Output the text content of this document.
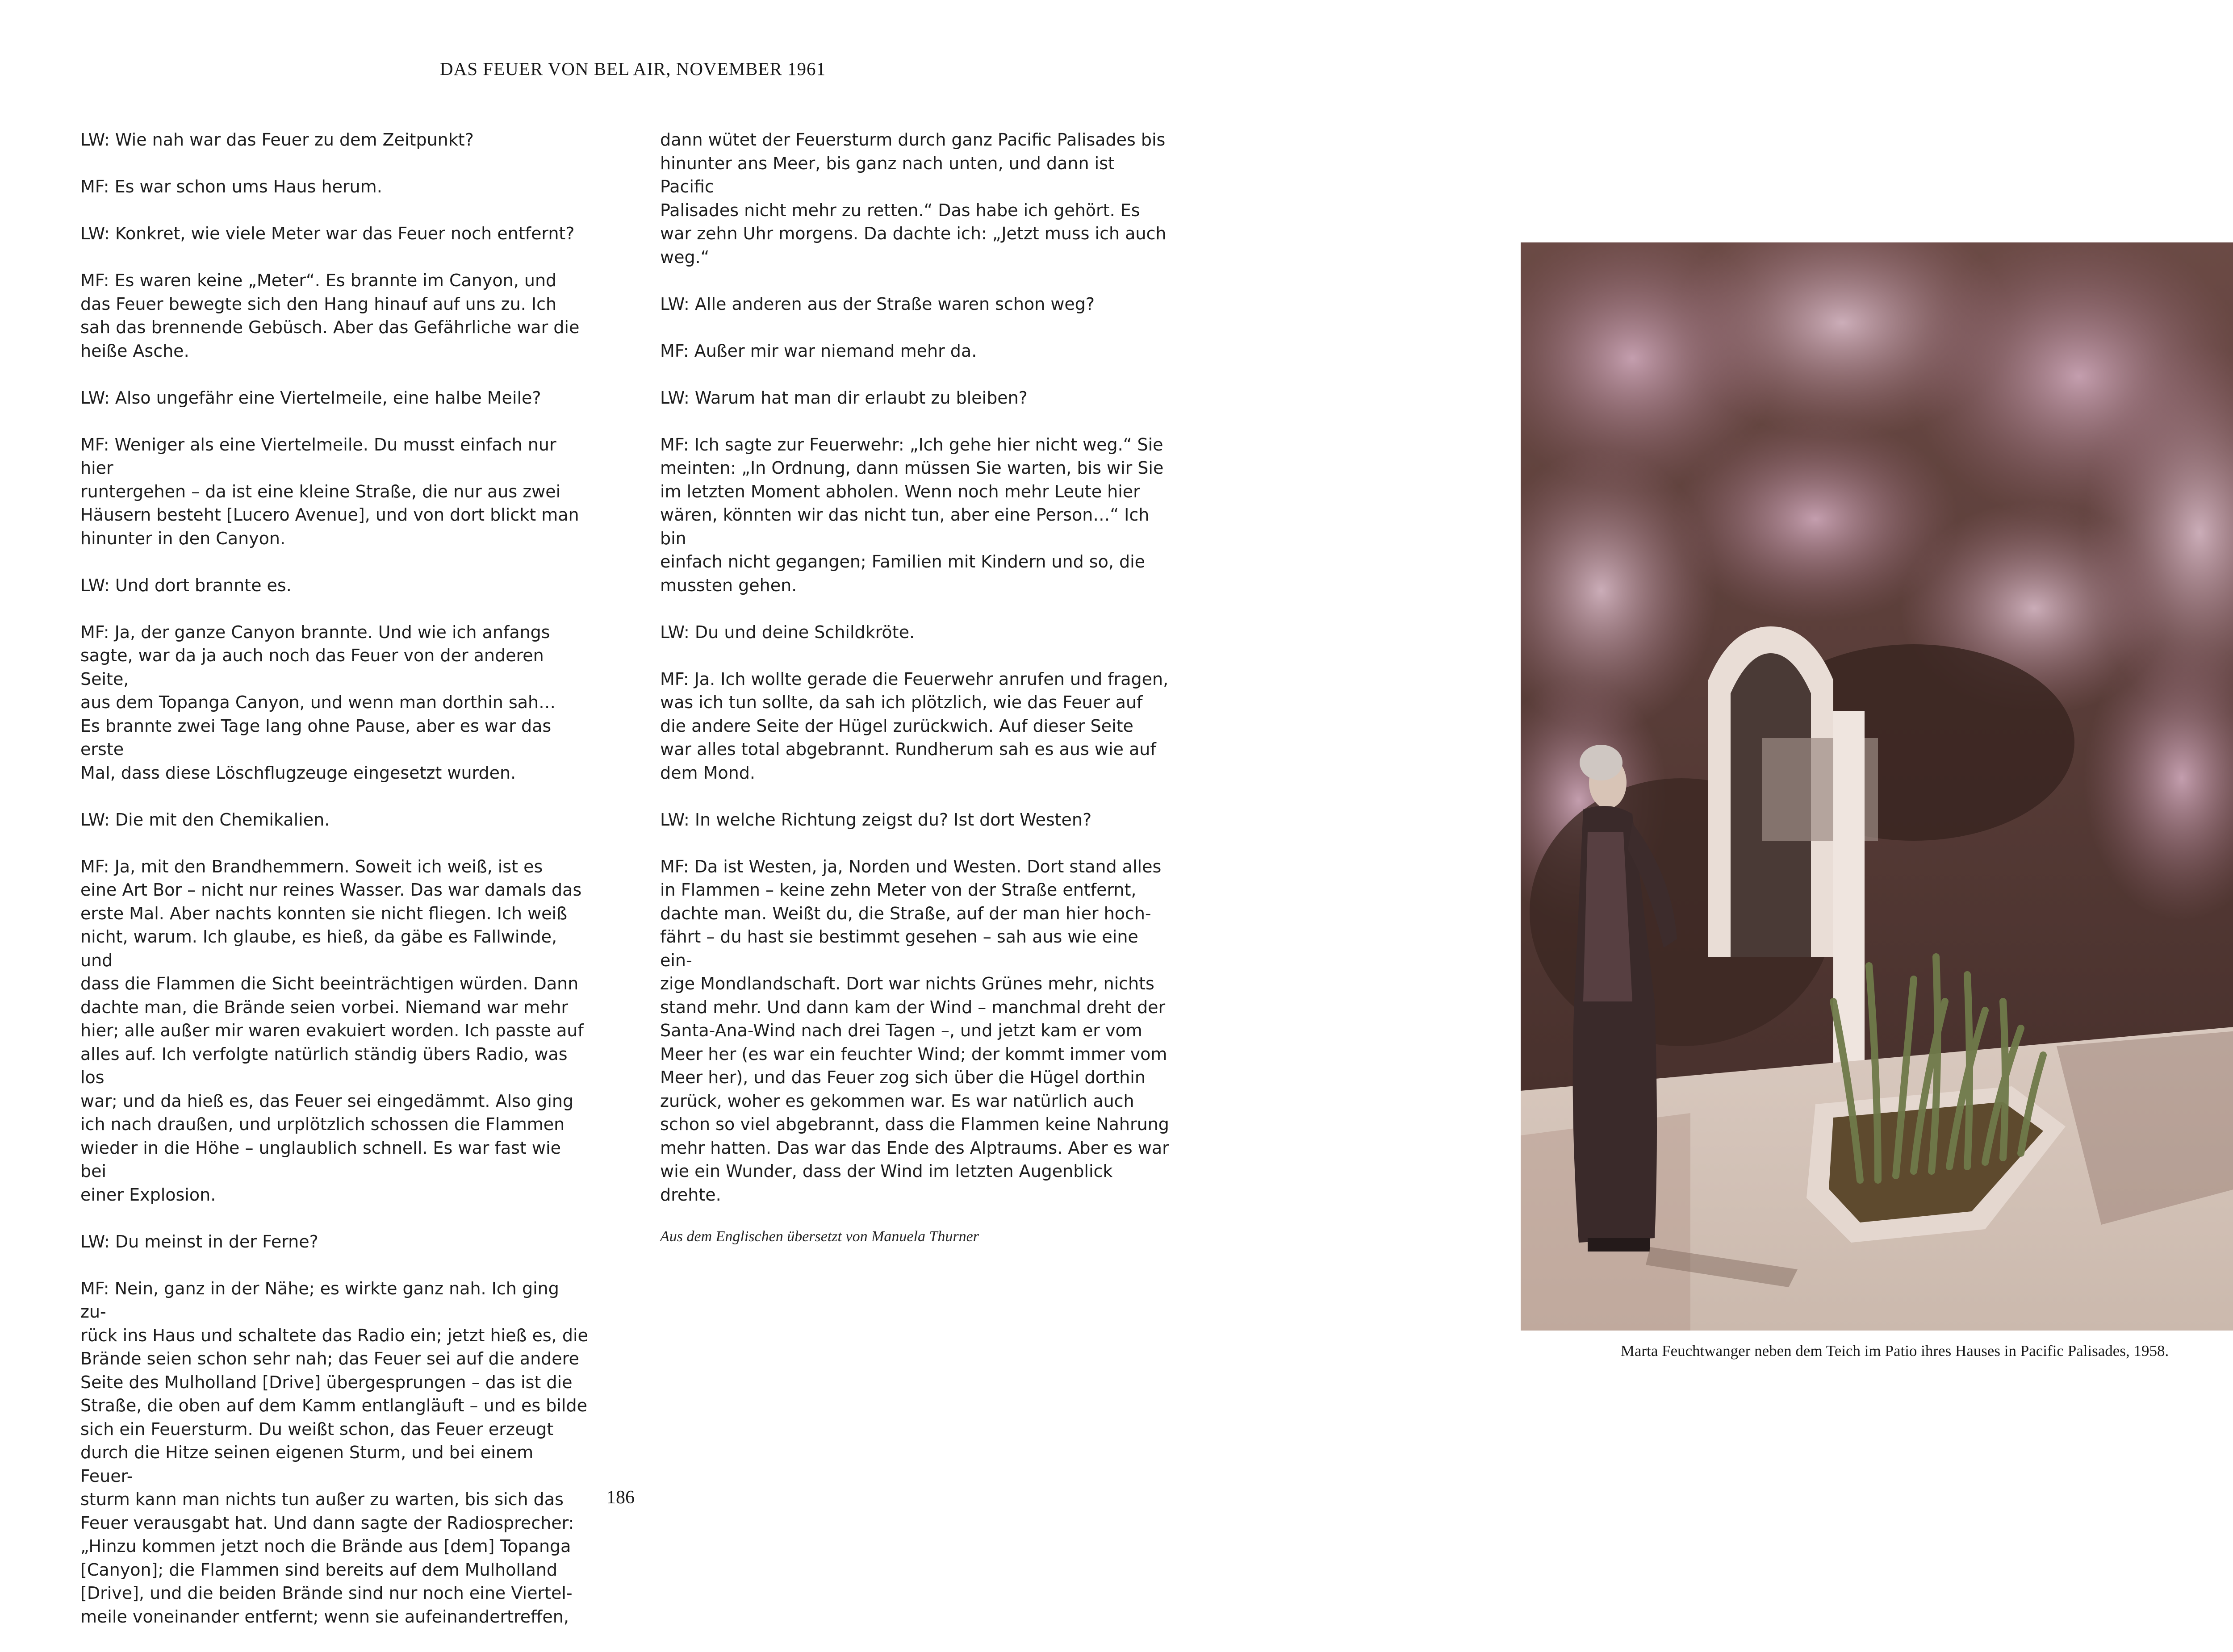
DAS FEUER VON BEL AIR, NOVEMBER 1961

LW: Wie nah war das Feuer zu dem Zeitpunkt?

MF: Es war schon ums Haus herum.

LW: Konkret, wie viele Meter war das Feuer noch entfernt?

MF: Es waren keine „Meter“. Es brannte im Canyon, und
das Feuer bewegte sich den Hang hinauf auf uns zu. Ich
sah das brennende Gebüsch. Aber das Gefährliche war die
heiße Asche.

LW: Also ungefähr eine Viertelmeile, eine halbe Meile?

MF: Weniger als eine Viertelmeile. Du musst einfach nur hier
runtergehen – da ist eine kleine Straße, die nur aus zwei
Häusern besteht [Lucero Avenue], und von dort blickt man
hinunter in den Canyon.

LW: Und dort brannte es.

MF: Ja, der ganze Canyon brannte. Und wie ich anfangs
sagte, war da ja auch noch das Feuer von der anderen Seite,
aus dem Topanga Canyon, und wenn man dorthin sah…
Es brannte zwei Tage lang ohne Pause, aber es war das erste
Mal, dass diese Löschflugzeuge eingesetzt wurden.

LW: Die mit den Chemikalien.

MF: Ja, mit den Brandhemmern. Soweit ich weiß, ist es
eine Art Bor – nicht nur reines Wasser. Das war damals das
erste Mal. Aber nachts konnten sie nicht fliegen. Ich weiß
nicht, warum. Ich glaube, es hieß, da gäbe es Fallwinde, und
dass die Flammen die Sicht beeinträchtigen würden. Dann
dachte man, die Brände seien vorbei. Niemand war mehr
hier; alle außer mir waren evakuiert worden. Ich passte auf
alles auf. Ich verfolgte natürlich ständig übers Radio, was los
war; und da hieß es, das Feuer sei eingedämmt. Also ging
ich nach draußen, und urplötzlich schossen die Flammen
wieder in die Höhe – unglaublich schnell. Es war fast wie bei
einer Explosion.

LW: Du meinst in der Ferne?

MF: Nein, ganz in der Nähe; es wirkte ganz nah. Ich ging zu-
rück ins Haus und schaltete das Radio ein; jetzt hieß es, die
Brände seien schon sehr nah; das Feuer sei auf die andere
Seite des Mulholland [Drive] übergesprungen – das ist die
Straße, die oben auf dem Kamm entlangläuft – und es bilde
sich ein Feuersturm. Du weißt schon, das Feuer erzeugt
durch die Hitze seinen eigenen Sturm, und bei einem Feuer-
sturm kann man nichts tun außer zu warten, bis sich das
Feuer verausgabt hat. Und dann sagte der Radiosprecher:
„Hinzu kommen jetzt noch die Brände aus [dem] Topanga
[Canyon]; die Flammen sind bereits auf dem Mulholland
[Drive], und die beiden Brände sind nur noch eine Viertel-
meile voneinander entfernt; wenn sie aufeinandertreffen,

dann wütet der Feuersturm durch ganz Pacific Palisades bis
hinunter ans Meer, bis ganz nach unten, und dann ist Pacific
Palisades nicht mehr zu retten.“ Das habe ich gehört. Es
war zehn Uhr morgens. Da dachte ich: „Jetzt muss ich auch
weg.“

LW: Alle anderen aus der Straße waren schon weg?

MF: Außer mir war niemand mehr da.

LW: Warum hat man dir erlaubt zu bleiben?

MF: Ich sagte zur Feuerwehr: „Ich gehe hier nicht weg.“ Sie
meinten: „In Ordnung, dann müssen Sie warten, bis wir Sie
im letzten Moment abholen. Wenn noch mehr Leute hier
wären, könnten wir das nicht tun, aber eine Person…“ Ich bin
einfach nicht gegangen; Familien mit Kindern und so, die
mussten gehen.

LW: Du und deine Schildkröte.

MF: Ja. Ich wollte gerade die Feuerwehr anrufen und fragen,
was ich tun sollte, da sah ich plötzlich, wie das Feuer auf
die andere Seite der Hügel zurückwich. Auf dieser Seite
war alles total abgebrannt. Rundherum sah es aus wie auf
dem Mond.

LW: In welche Richtung zeigst du? Ist dort Westen?

MF: Da ist Westen, ja, Norden und Westen. Dort stand alles
in Flammen – keine zehn Meter von der Straße entfernt,
dachte man. Weißt du, die Straße, auf der man hier hoch-
fährt – du hast sie bestimmt gesehen – sah aus wie eine ein-
zige Mondlandschaft. Dort war nichts Grünes mehr, nichts
stand mehr. Und dann kam der Wind – manchmal dreht der
Santa-Ana-Wind nach drei Tagen –, und jetzt kam er vom
Meer her (es war ein feuchter Wind; der kommt immer vom
Meer her), und das Feuer zog sich über die Hügel dorthin
zurück, woher es gekommen war. Es war natürlich auch
schon so viel abgebrannt, dass die Flammen keine Nahrung
mehr hatten. Das war das Ende des Alptraums. Aber es war
wie ein Wunder, dass der Wind im letzten Augenblick drehte.

Aus dem Englischen übersetzt von Manuela Thurner
186
Marta Feuchtwanger neben dem Teich im Patio ihres Hauses in Pacific Palisades, 1958.
